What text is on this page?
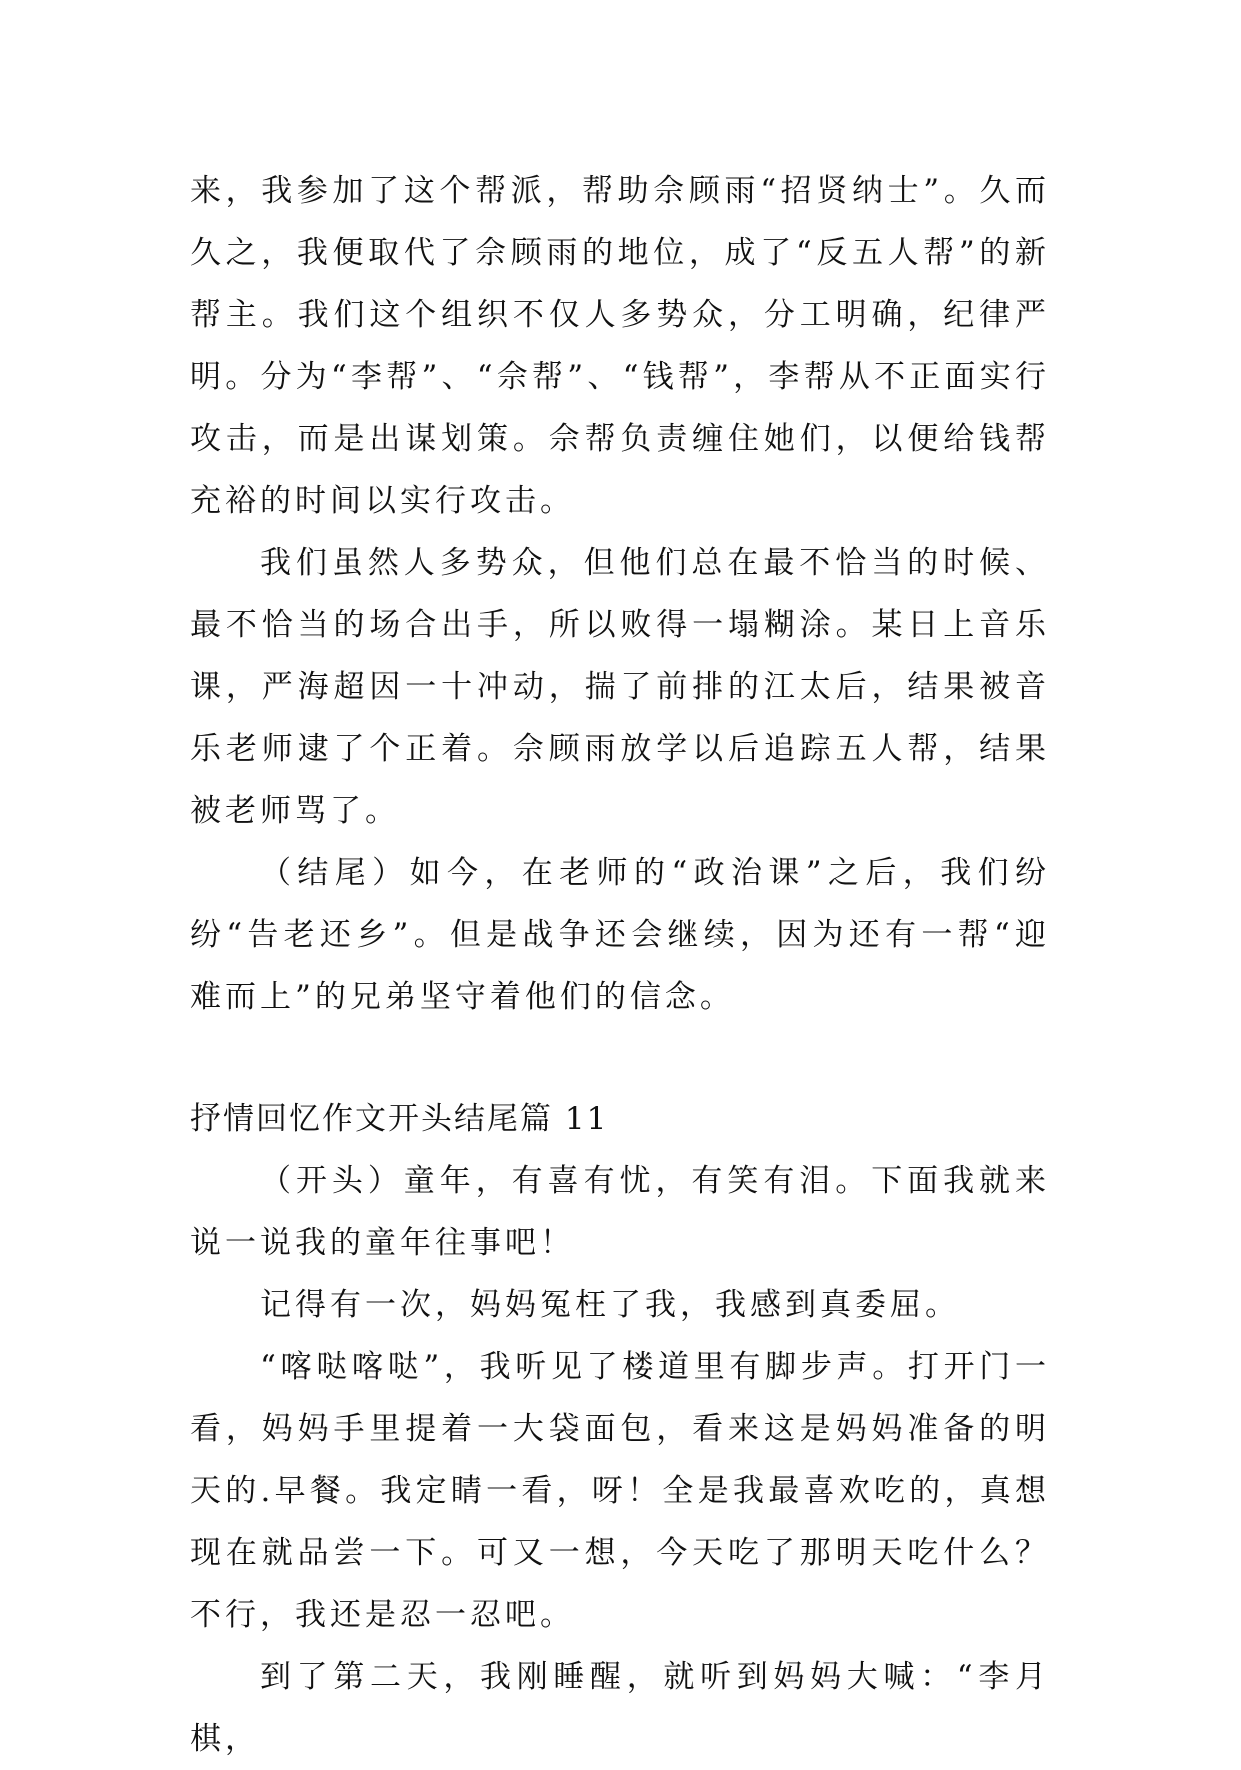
来，我参加了这个帮派，帮助佘顾雨“招贤纳士”。久而久之，我便取代了佘顾雨的地位，成了“反五人帮”的新帮主。我们这个组织不仅人多势众，分工明确，纪律严明。分为“李帮”、“佘帮”、“钱帮”，李帮从不正面实行攻击，而是出谋划策。佘帮负责缠住她们，以便给钱帮充裕的时间以实行攻击。

我们虽然人多势众，但他们总在最不恰当的时候、最不恰当的场合出手，所以败得一塌糊涂。某日上音乐课，严海超因一十冲动，揣了前排的江太后，结果被音乐老师逮了个正着。佘顾雨放学以后追踪五人帮，结果被老师骂了。

（结尾）如今，在老师的“政治课”之后，我们纷纷“告老还乡”。但是战争还会继续，因为还有一帮“迎难而上”的兄弟坚守着他们的信念。

抒情回忆作文开头结尾篇 11

（开头）童年，有喜有忧，有笑有泪。下面我就来说一说我的童年往事吧！

记得有一次，妈妈冤枉了我，我感到真委屈。

“喀哒喀哒”，我听见了楼道里有脚步声。打开门一看，妈妈手里提着一大袋面包，看来这是妈妈准备的明天的.早餐。我定睛一看，呀！全是我最喜欢吃的，真想现在就品尝一下。可又一想，今天吃了那明天吃什么？不行，我还是忍一忍吧。

到了第二天，我刚睡醒，就听到妈妈大喊：“李月棋，
